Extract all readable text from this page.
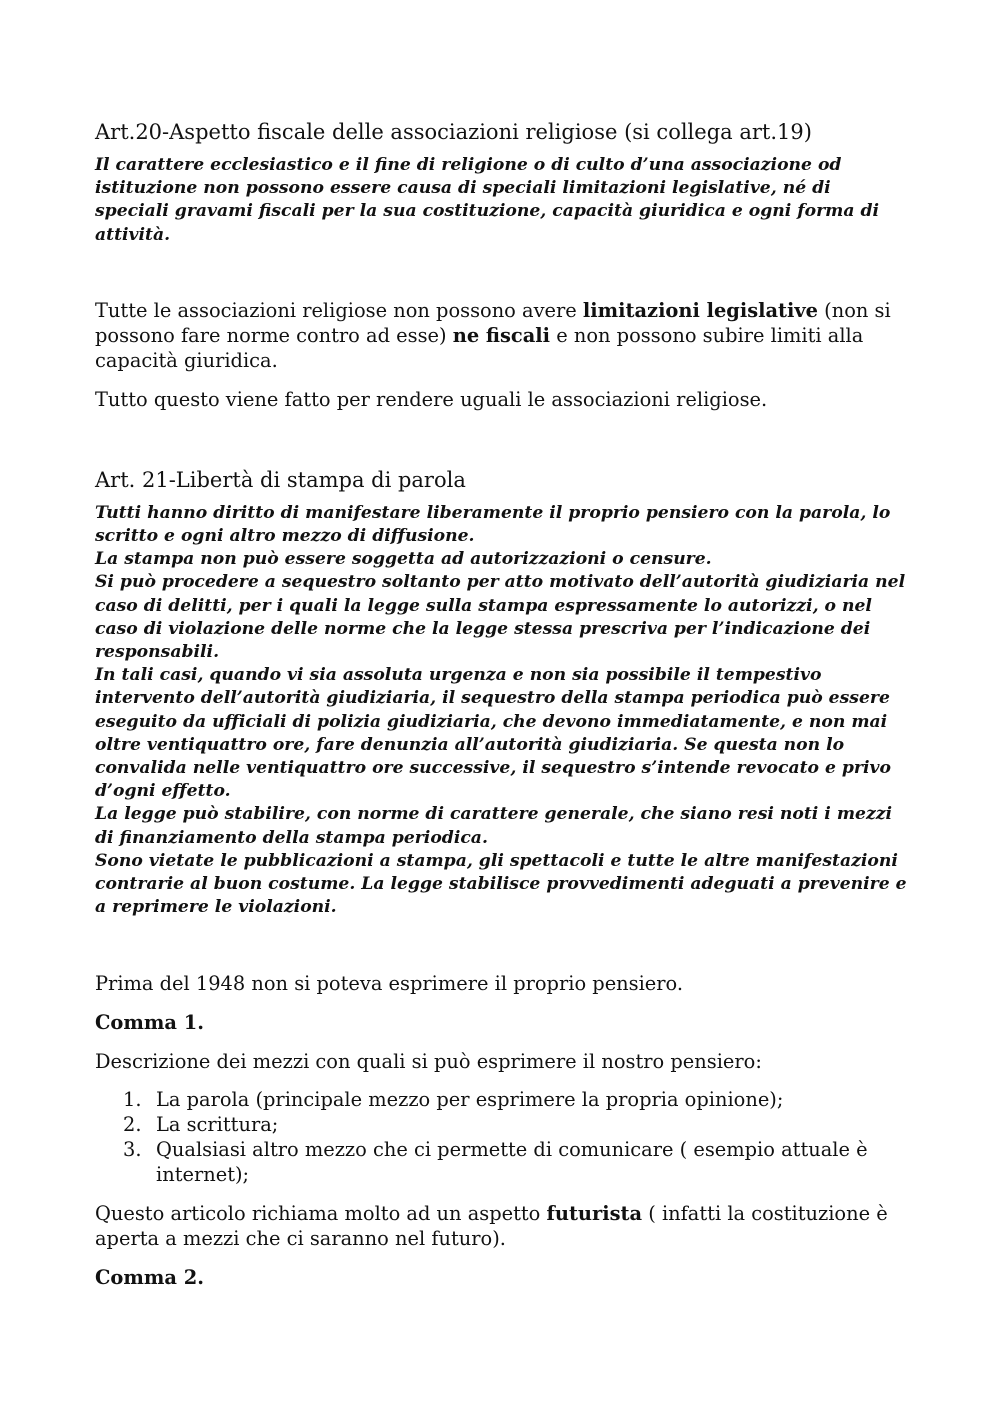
Art.20-Aspetto fiscale delle associazioni religiose (si collega art.19)

Il carattere ecclesiastico e il fine di religione o di culto d’una associazione od istituzione non possono essere causa di speciali limitazioni legislative, né di speciali gravami fiscali per la sua costituzione, capacità giuridica e ogni forma di attività.

Tutte le associazioni religiose non possono avere limitazioni legislative (non si possono fare norme contro ad esse) ne fiscali e non possono subire limiti alla capacità giuridica.

Tutto questo viene fatto per rendere uguali le associazioni religiose.

Art. 21-Libertà di stampa di parola

Tutti hanno diritto di manifestare liberamente il proprio pensiero con la parola, lo scritto e ogni altro mezzo di diffusione.

La stampa non può essere soggetta ad autorizzazioni o censure.

Si può procedere a sequestro soltanto per atto motivato dell’autorità giudiziaria nel caso di delitti, per i quali la legge sulla stampa espressamente lo autorizzi, o nel caso di violazione delle norme che la legge stessa prescriva per l’indicazione dei responsabili.

In tali casi, quando vi sia assoluta urgenza e non sia possibile il tempestivo intervento dell’autorità giudiziaria, il sequestro della stampa periodica può essere eseguito da ufficiali di polizia giudiziaria, che devono immediatamente, e non mai oltre ventiquattro ore, fare denunzia all’autorità giudiziaria. Se questa non lo convalida nelle ventiquattro ore successive, il sequestro s’intende revocato e privo d’ogni effetto.

La legge può stabilire, con norme di carattere generale, che siano resi noti i mezzi di finanziamento della stampa periodica.

Sono vietate le pubblicazioni a stampa, gli spettacoli e tutte le altre manifestazioni contrarie al buon costume. La legge stabilisce provvedimenti adeguati a prevenire e a reprimere le violazioni.

Prima del 1948 non si poteva esprimere il proprio pensiero.

Comma 1.

Descrizione dei mezzi con quali si può esprimere il nostro pensiero:

1. La parola (principale mezzo per esprimere la propria opinione);
2. La scrittura;
3. Qualsiasi altro mezzo che ci permette di comunicare ( esempio attuale è internet);

Questo articolo richiama molto ad un aspetto futurista ( infatti la costituzione è aperta a mezzi che ci saranno nel futuro).

Comma 2.
